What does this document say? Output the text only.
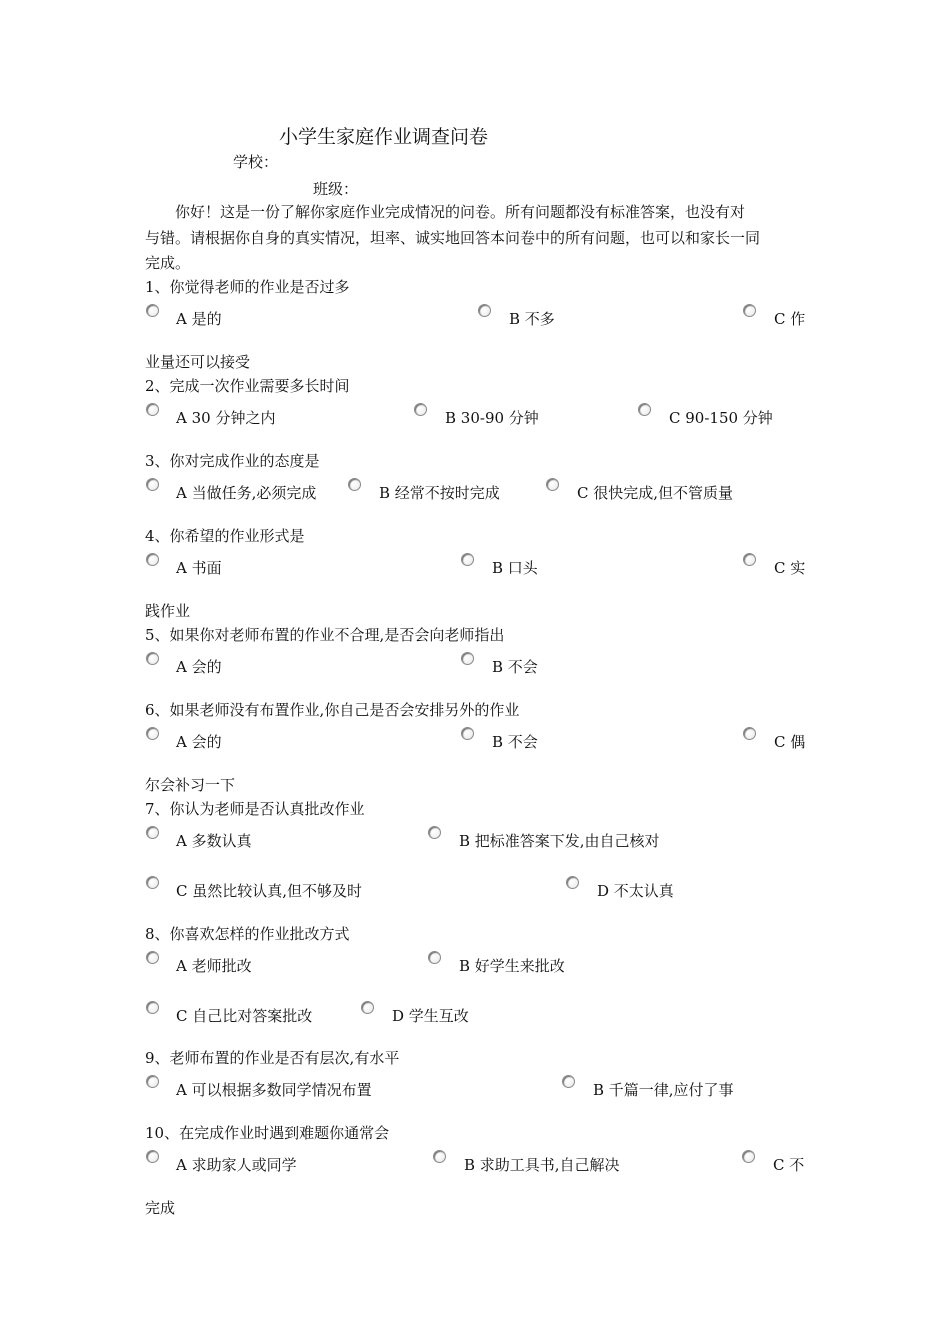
小学生家庭作业调查问卷
学校：
班级：
你好！这是一份了解你家庭作业完成情况的问卷。所有问题都没有标准答案，也没有对
与错。请根据你自身的真实情况，坦率、诚实地回答本问卷中的所有问题，也可以和家长一同
完成。
1、你觉得老师的作业是否过多
A 是的	B 不多	C 作
业量还可以接受
2、完成一次作业需要多长时间
A 30 分钟之内	B 30-90 分钟	C 90-150 分钟
3、你对完成作业的态度是
A 当做任务,必须完成	B 经常不按时完成	C 很快完成,但不管质量
4、你希望的作业形式是
A 书面	B 口头	C 实
践作业
5、如果你对老师布置的作业不合理,是否会向老师指出
A 会的	B 不会
6、如果老师没有布置作业,你自己是否会安排另外的作业
A 会的	B 不会	C 偶
尔会补习一下
7、你认为老师是否认真批改作业
A 多数认真	B 把标准答案下发,由自己核对
C 虽然比较认真,但不够及时	D 不太认真
8、你喜欢怎样的作业批改方式
A 老师批改	B 好学生来批改
C 自己比对答案批改	D 学生互改
9、老师布置的作业是否有层次,有水平
A 可以根据多数同学情况布置	B 千篇一律,应付了事
10、在完成作业时遇到难题你通常会
A 求助家人或同学	B 求助工具书,自己解决	C 不
完成
